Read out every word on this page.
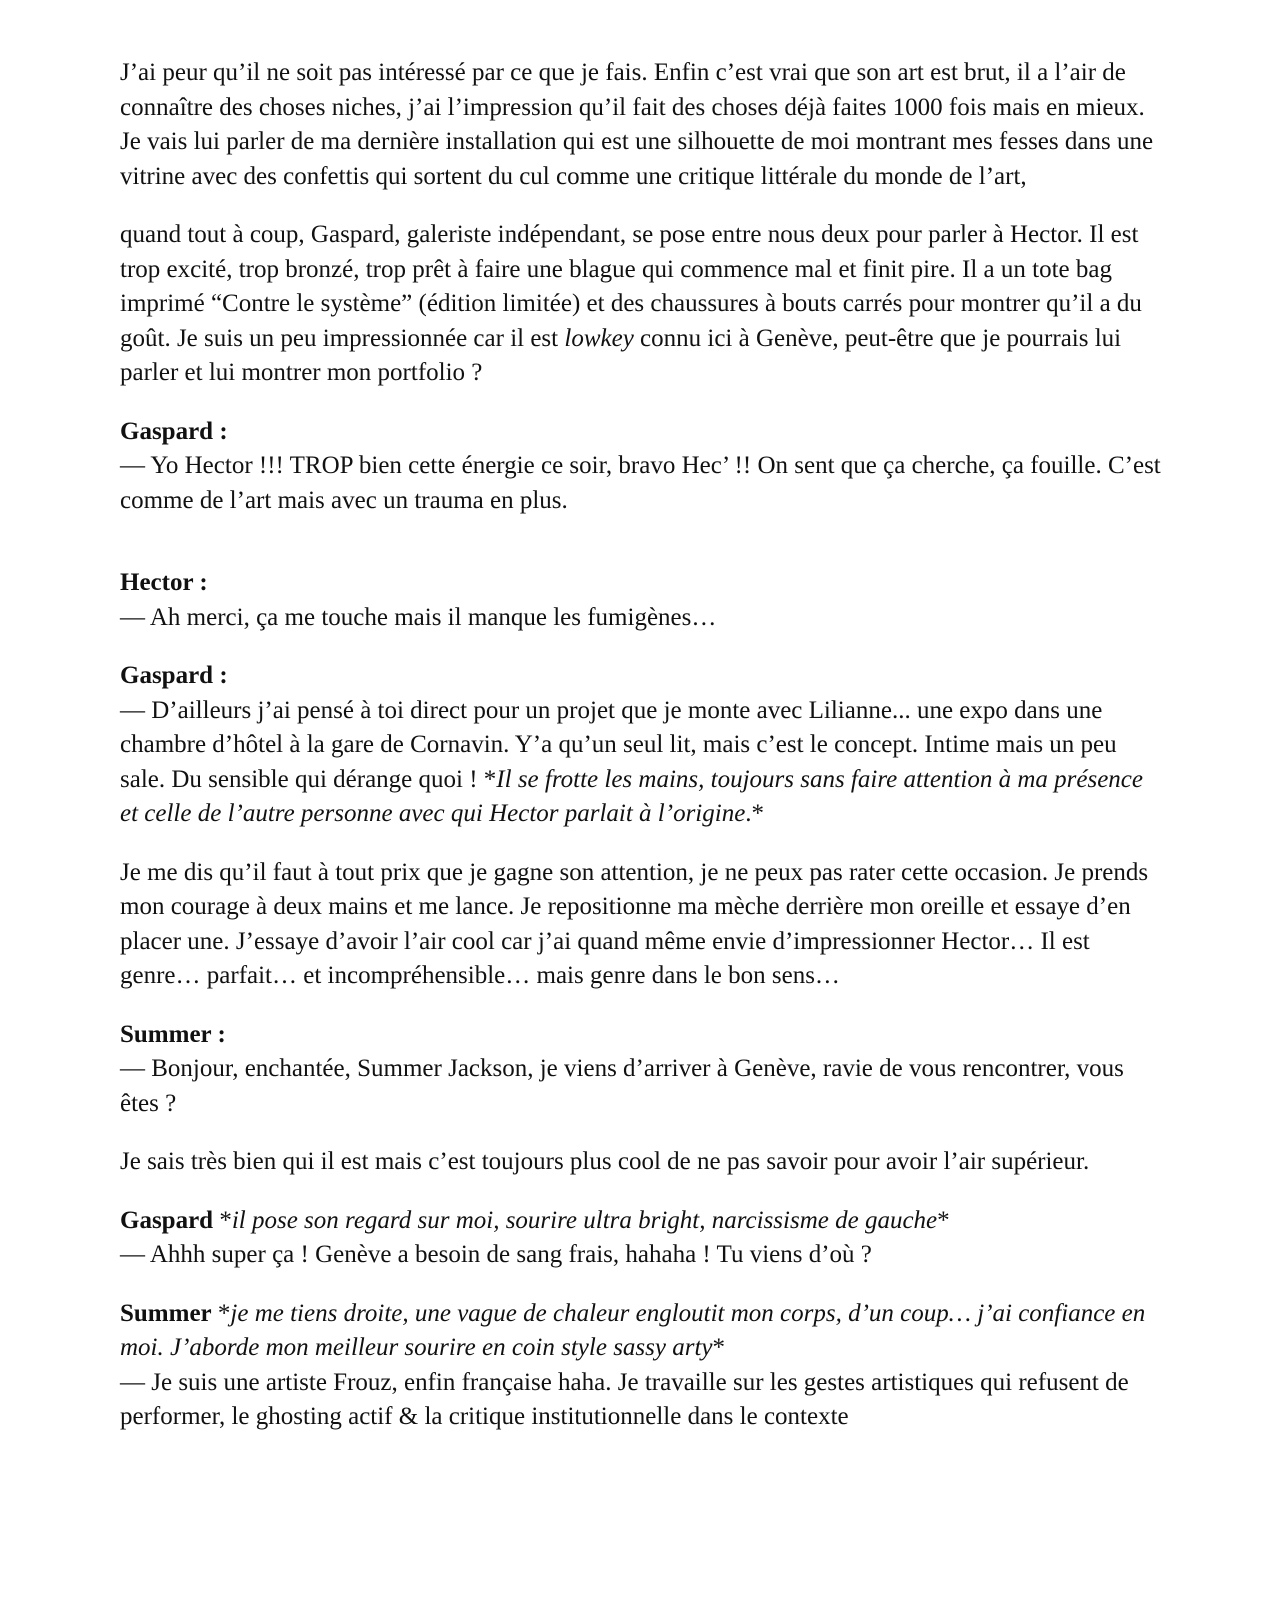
J’ai peur qu’il ne soit pas intéressé par ce que je fais. Enfin c’est vrai que son art est brut, il a l’air de connaître des choses niches, j’ai l’impression qu’il fait des choses déjà faites 1000 fois mais en mieux. Je vais lui parler de ma dernière installation qui est une silhouette de moi montrant mes fesses dans une vitrine avec des confettis qui sortent du cul comme une critique littérale du monde de l’art,

quand tout à coup, Gaspard, galeriste indépendant, se pose entre nous deux pour parler à Hector. Il est trop excité, trop bronzé, trop prêt à faire une blague qui commence mal et finit pire. Il a un tote bag imprimé “Contre le système” (édition limitée) et des chaussures à bouts carrés pour montrer qu’il a du goût. Je suis un peu impressionnée car il est lowkey connu ici à Genève, peut-être que je pourrais lui parler et lui montrer mon portfolio ?

Gaspard :
— Yo Hector !!! TROP bien cette énergie ce soir, bravo Hec’ !! On sent que ça cherche, ça fouille. C’est comme de l’art mais avec un trauma en plus.

Hector :
— Ah merci, ça me touche mais il manque les fumigènes…

Gaspard :
— D’ailleurs j’ai pensé à toi direct pour un projet que je monte avec Lilianne... une expo dans une chambre d’hôtel à la gare de Cornavin. Y’a qu’un seul lit, mais c’est le concept. Intime mais un peu sale. Du sensible qui dérange quoi ! *Il se frotte les mains, toujours sans faire attention à ma présence et celle de l’autre personne avec qui Hector parlait à l’origine.*

Je me dis qu’il faut à tout prix que je gagne son attention, je ne peux pas rater cette occasion. Je prends mon courage à deux mains et me lance. Je repositionne ma mèche derrière mon oreille et essaye d’en placer une. J’essaye d’avoir l’air cool car j’ai quand même envie d’impressionner Hector… Il est genre… parfait… et incompréhensible… mais genre dans le bon sens…

Summer :
— Bonjour, enchantée, Summer Jackson, je viens d’arriver à Genève, ravie de vous rencontrer, vous êtes ?

Je sais très bien qui il est mais c’est toujours plus cool de ne pas savoir pour avoir l’air supérieur.

Gaspard *il pose son regard sur moi, sourire ultra bright, narcissisme de gauche*
— Ahhh super ça ! Genève a besoin de sang frais, hahaha ! Tu viens d’où ?

Summer *je me tiens droite, une vague de chaleur engloutit mon corps, d’un coup… j’ai confiance en moi. J’aborde mon meilleur sourire en coin style sassy arty*
— Je suis une artiste Frouz, enfin française haha. Je travaille sur les gestes artistiques qui refusent de performer, le ghosting actif & la critique institutionnelle dans le contexte
